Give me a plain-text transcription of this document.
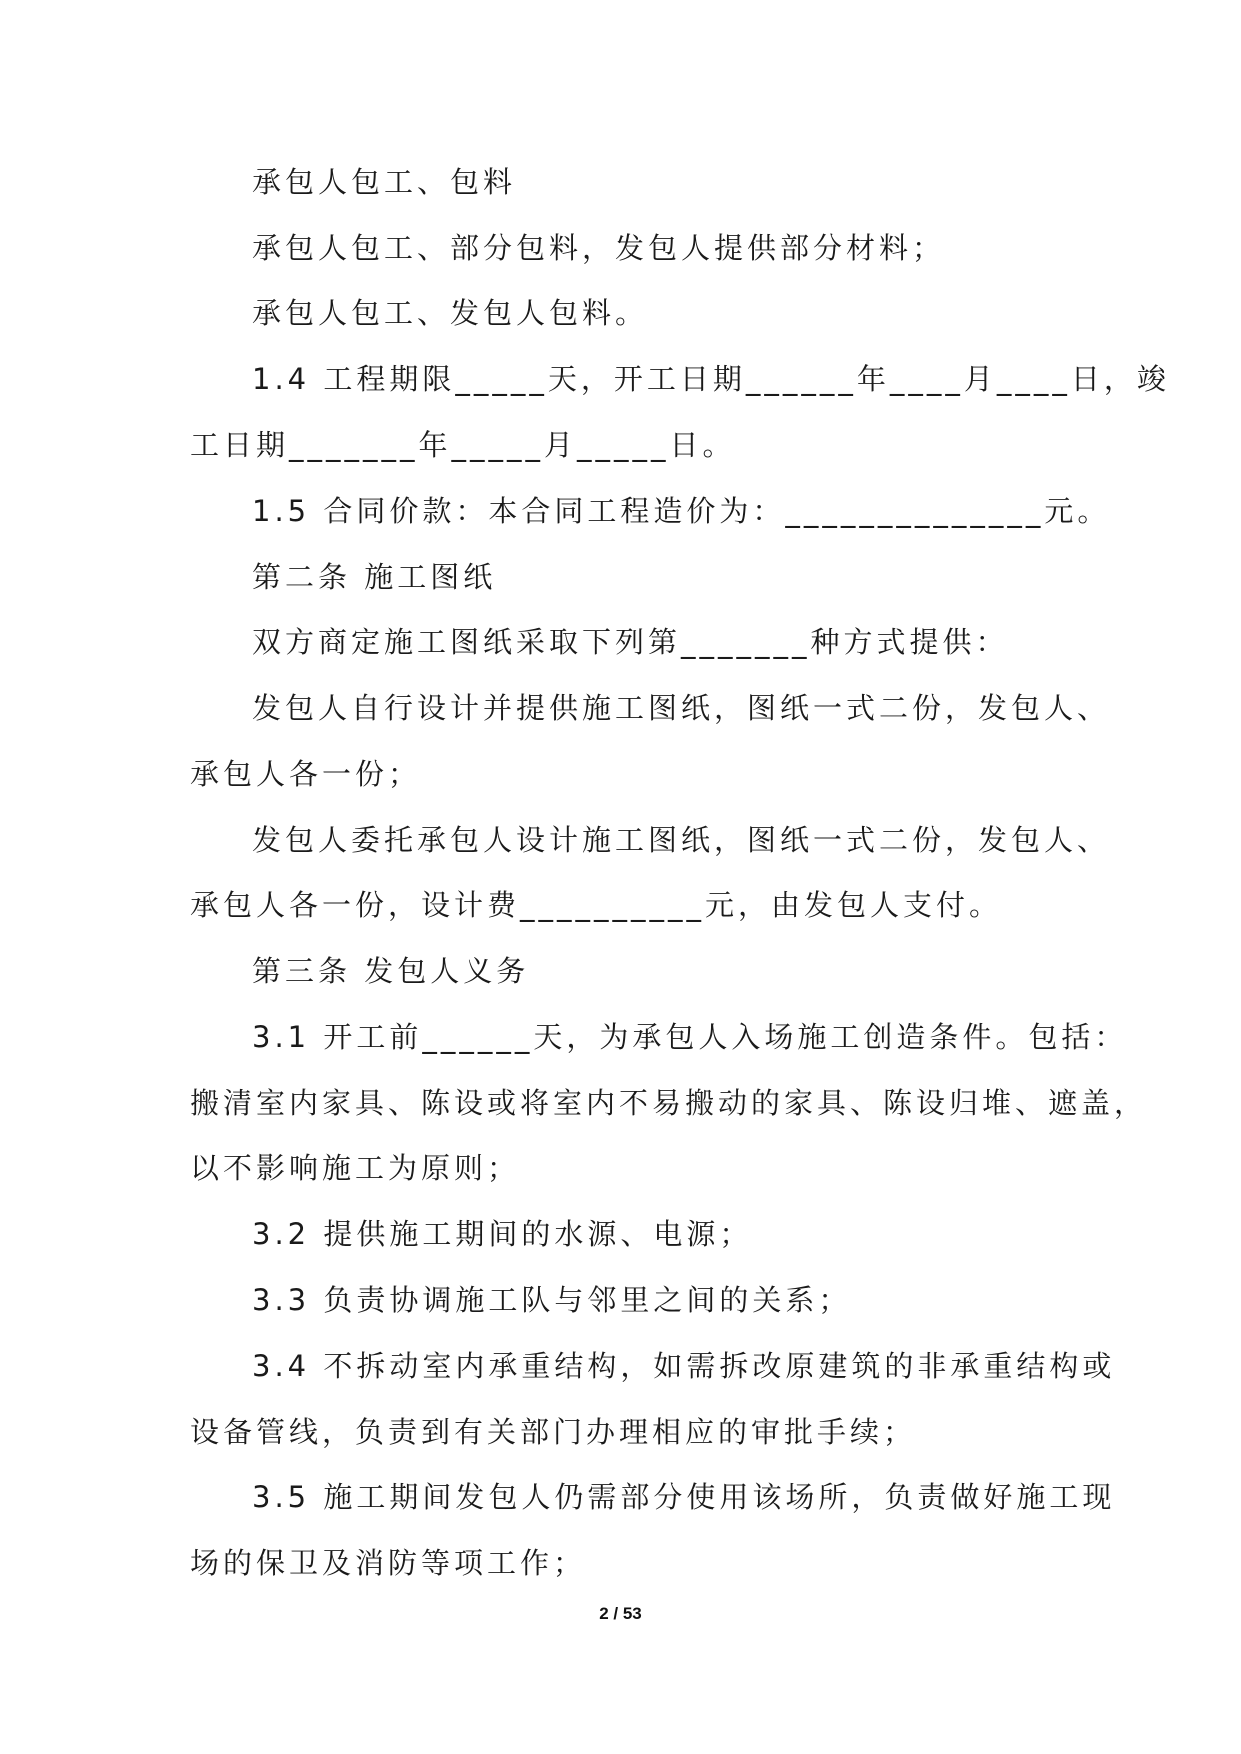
承包人包工、包料
承包人包工、部分包料，发包人提供部分材料；
承包人包工、发包人包料。
1.4 工程期限_____天，开工日期______年____月____日，竣
工日期_______年_____月_____日。
1.5 合同价款：本合同工程造价为：______________元。
第二条 施工图纸
双方商定施工图纸采取下列第_______种方式提供：
发包人自行设计并提供施工图纸，图纸一式二份，发包人、
承包人各一份；
发包人委托承包人设计施工图纸，图纸一式二份，发包人、
承包人各一份，设计费__________元，由发包人支付。
第三条 发包人义务
3.1 开工前______天，为承包人入场施工创造条件。包括：
搬清室内家具、陈设或将室内不易搬动的家具、陈设归堆、遮盖，
以不影响施工为原则；
3.2 提供施工期间的水源、电源；
3.3 负责协调施工队与邻里之间的关系；
3.4 不拆动室内承重结构，如需拆改原建筑的非承重结构或
设备管线，负责到有关部门办理相应的审批手续；
3.5 施工期间发包人仍需部分使用该场所，负责做好施工现
场的保卫及消防等项工作；
2 / 53
